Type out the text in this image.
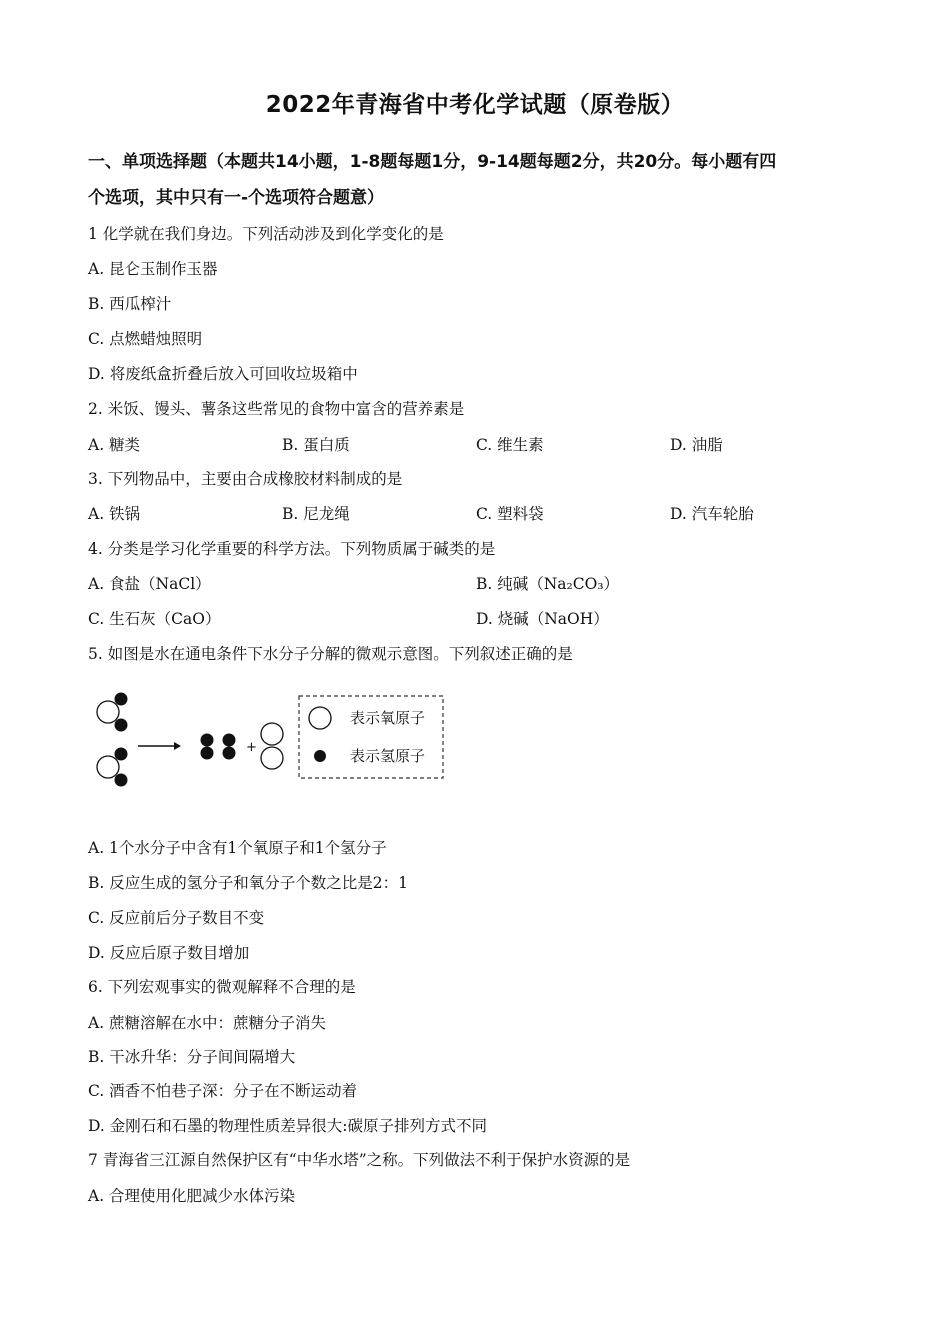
2022年青海省中考化学试题（原卷版）
一、单项选择题（本题共14小题，1-8题每题1分，9-14题每题2分，共20分。每小题有四
个选项，其中只有一-个选项符合题意）
1 化学就在我们身边。下列活动涉及到化学变化的是
A. 昆仑玉制作玉器
B. 西瓜榨汁
C. 点燃蜡烛照明
D. 将废纸盒折叠后放入可回收垃圾箱中
2. 米饭、馒头、薯条这些常见的食物中富含的营养素是
A. 糖类	B. 蛋白质	C. 维生素	D. 油脂
3. 下列物品中，主要由合成橡胶材料制成的是
A. 铁锅	B. 尼龙绳	C. 塑料袋	D. 汽车轮胎
4. 分类是学习化学重要的科学方法。下列物质属于碱类的是
A. 食盐（NaCl）	B. 纯碱（Na₂CO₃）
C. 生石灰（CaO）	D. 烧碱（NaOH）
5. 如图是水在通电条件下水分子分解的微观示意图。下列叙述正确的是
+
表示氧原子
表示氢原子
A. 1个水分子中含有1个氧原子和1个氢分子
B. 反应生成的氢分子和氧分子个数之比是2：1
C. 反应前后分子数目不变
D. 反应后原子数目增加
6. 下列宏观事实的微观解释不合理的是
A. 蔗糖溶解在水中：蔗糖分子消失
B. 干冰升华：分子间间隔增大
C. 酒香不怕巷子深：分子在不断运动着
D. 金刚石和石墨的物理性质差异很大:碳原子排列方式不同
7 青海省三江源自然保护区有“中华水塔”之称。下列做法不利于保护水资源的是
A. 合理使用化肥减少水体污染
